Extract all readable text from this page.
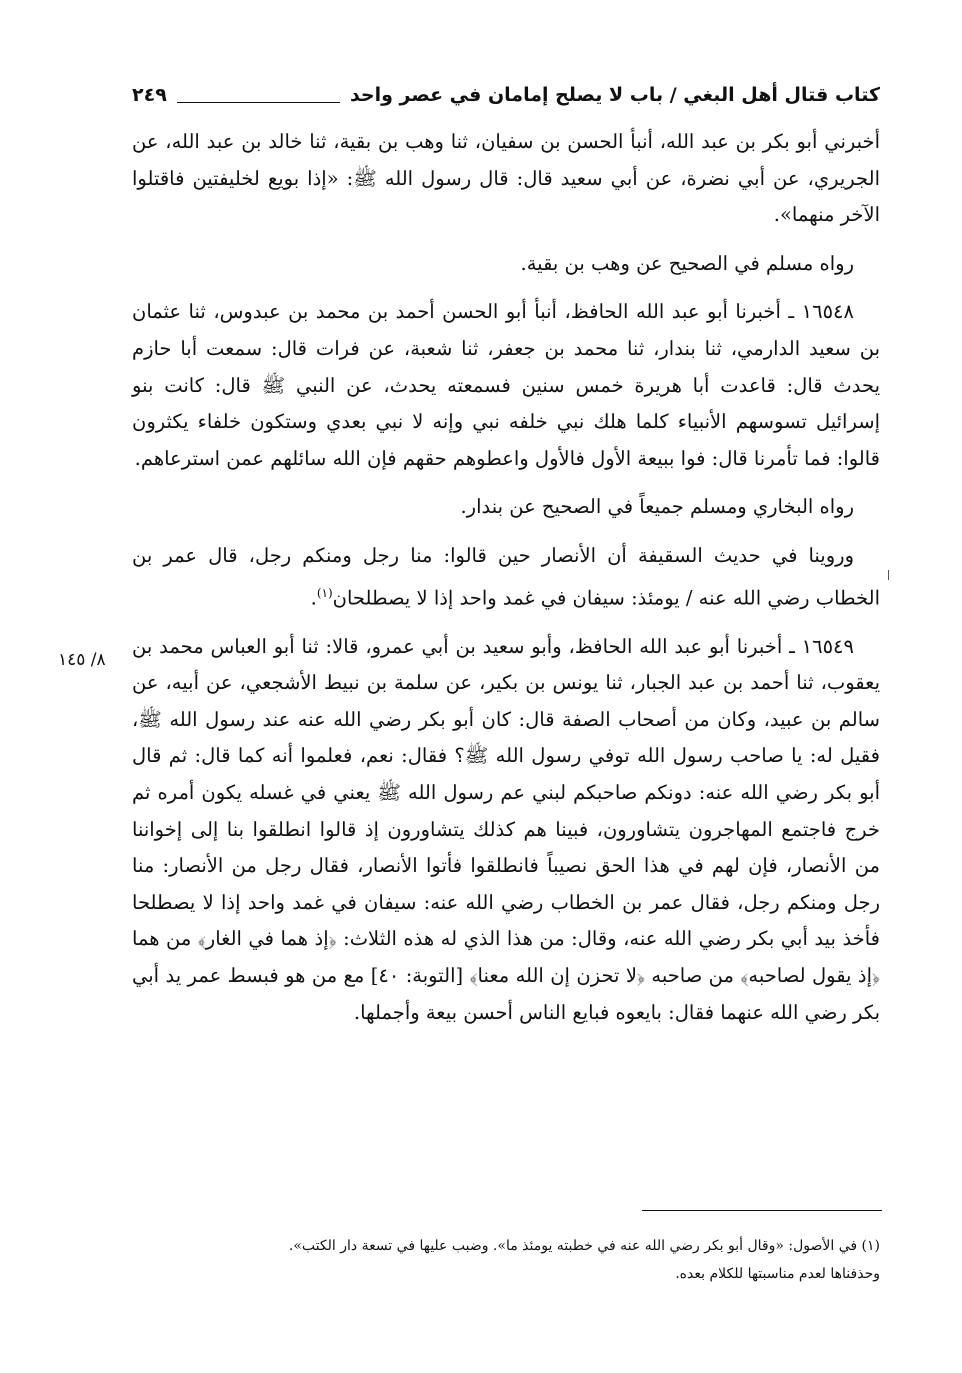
كتاب قتال أهل البغي / باب لا يصلح إمامان في عصر واحد
٢٤٩

أخبرني أبو بكر بن عبد الله، أنبأ الحسن بن سفيان، ثنا وهب بن بقية، ثنا خالد بن عبد الله، عن الجريري، عن أبي نضرة، عن أبي سعيد قال: قال رسول الله ﷺ: «إذا بويع لخليفتين فاقتلوا الآخر منهما».

رواه مسلم في الصحيح عن وهب بن بقية.

١٦٥٤٨ ـ أخبرنا أبو عبد الله الحافظ، أنبأ أبو الحسن أحمد بن محمد بن عبدوس، ثنا عثمان بن سعيد الدارمي، ثنا بندار، ثنا محمد بن جعفر، ثنا شعبة، عن فرات قال: سمعت أبا حازم يحدث قال: قاعدت أبا هريرة خمس سنين فسمعته يحدث، عن النبي ﷺ قال: كانت بنو إسرائيل تسوسهم الأنبياء كلما هلك نبي خلفه نبي وإنه لا نبي بعدي وستكون خلفاء يكثرون قالوا: فما تأمرنا قال: فوا ببيعة الأول فالأول واعطوهم حقهم فإن الله سائلهم عمن استرعاهم.

رواه البخاري ومسلم جميعاً في الصحيح عن بندار.

وروينا في حديث السقيفة أن الأنصار حين قالوا: منا رجل ومنكم رجل، قال عمر بن الخطاب رضي الله عنه / يومئذ: سيفان في غمد واحد إذا لا يصطلحان$^{(١)}$.

١٦٥٤٩ ـ أخبرنا أبو عبد الله الحافظ، وأبو سعيد بن أبي عمرو، قالا: ثنا أبو العباس محمد بن يعقوب، ثنا أحمد بن عبد الجبار، ثنا يونس بن بكير، عن سلمة بن نبيط الأشجعي، عن أبيه، عن سالم بن عبيد، وكان من أصحاب الصفة قال: كان أبو بكر رضي الله عنه عند رسول الله ﷺ، فقيل له: يا صاحب رسول الله توفي رسول الله ﷺ؟ فقال: نعم، فعلموا أنه كما قال: ثم قال أبو بكر رضي الله عنه: دونكم صاحبكم لبني عم رسول الله ﷺ يعني في غسله يكون أمره ثم خرج فاجتمع المهاجرون يتشاورون، فبينا هم كذلك يتشاورون إذ قالوا انطلقوا بنا إلى إخواننا من الأنصار، فإن لهم في هذا الحق نصيباً فانطلقوا فأتوا الأنصار، فقال رجل من الأنصار: منا رجل ومنكم رجل، فقال عمر بن الخطاب رضي الله عنه: سيفان في غمد واحد إذا لا يصطلحا فأخذ بيد أبي بكر رضي الله عنه، وقال: من هذا الذي له هذه الثلاث: ﴿إذ هما في الغار﴾ من هما ﴿إذ يقول لصاحبه﴾ من صاحبه ﴿لا تحزن إن الله معنا﴾ [التوبة: ٤٠] مع من هو فبسط عمر يد أبي بكر رضي الله عنهما فقال: بايعوه فبايع الناس أحسن بيعة وأجملها.

٨/ ١٤٥

(١) في الأصول: «وقال أبو بكر رضي الله عنه في خطبته يومئذ ما». وضبب عليها في تسعة دار الكتب».

وحذفناها لعدم مناسبتها للكلام بعده.
